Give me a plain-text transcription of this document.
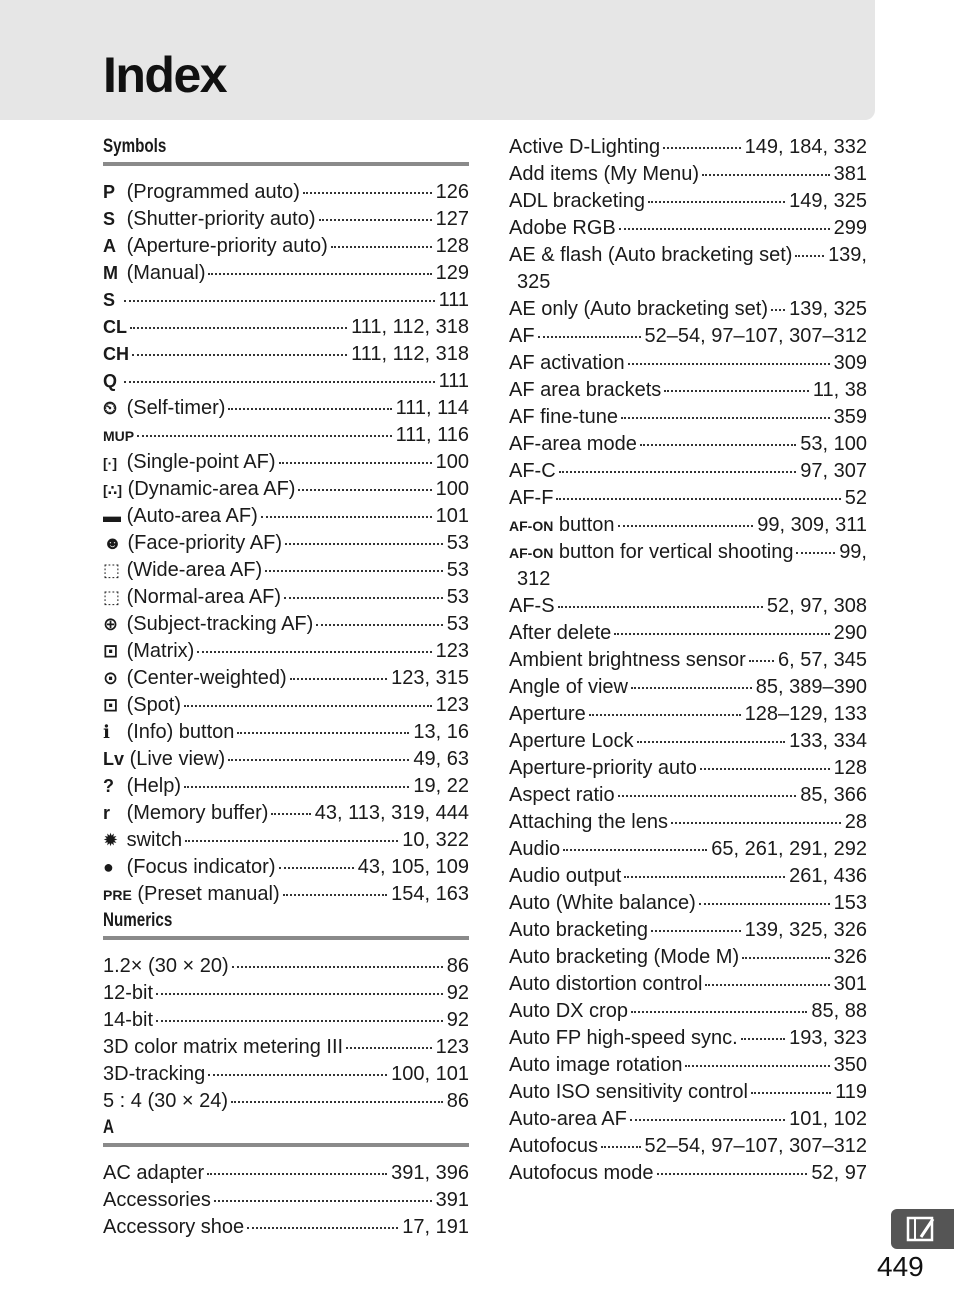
Index
Symbols
P (Programmed auto)	126
S (Shutter-priority auto)	127
A (Aperture-priority auto)	128
M (Manual)	129
S	111
CL	111, 112, 318
CH	111, 112, 318
Q	111
⏲ (Self-timer)	111, 114
MUP	111, 116
[·] (Single-point AF)	100
[∴] (Dynamic-area AF)	100
▬ (Auto-area AF)	101
☻ (Face-priority AF)	53
⬚ (Wide-area AF)	53
⬚ (Normal-area AF)	53
⊕ (Subject-tracking AF)	53
⊡ (Matrix)	123
⊙ (Center-weighted)	123, 315
⊡ (Spot)	123
ℹ (Info) button	13, 16
Lv (Live view)	49, 63
? (Help)	19, 22
r (Memory buffer) 43, 113, 319, 444
✹ switch	10, 322
● (Focus indicator)	43, 105, 109
PRE (Preset manual)	154, 163
Numerics
1.2× (30 × 20)	86
12-bit	92
14-bit	92
3D color matrix metering III	123
3D-tracking	100, 101
5 : 4 (30 × 24)	86
A
AC adapter	391, 396
Accessories	391
Accessory shoe	17, 191
Active D-Lighting	149, 184, 332
Add items (My Menu)	381
ADL bracketing	149, 325
Adobe RGB	299
AE & flash (Auto bracketing set) 139,
325
AE only (Auto bracketing set) 139, 325
AF	52–54, 97–107, 307–312
AF activation	309
AF area brackets	11, 38
AF fine-tune	359
AF-area mode	53, 100
AF-C	97, 307
AF-F	52
AF-ON button	99, 309, 311
AF-ON button for vertical shooting 99,
312
AF-S	52, 97, 308
After delete	290
Ambient brightness sensor 6, 57, 345
Angle of view	85, 389–390
Aperture	128–129, 133
Aperture Lock	133, 334
Aperture-priority auto	128
Aspect ratio	85, 366
Attaching the lens	28
Audio	65, 261, 291, 292
Audio output	261, 436
Auto (White balance)	153
Auto bracketing	139, 325, 326
Auto bracketing (Mode M)	326
Auto distortion control	301
Auto DX crop	85, 88
Auto FP high-speed sync.	193, 323
Auto image rotation	350
Auto ISO sensitivity control	119
Auto-area AF	101, 102
Autofocus 52–54, 97–107, 307–312
Autofocus mode	52, 97
449
